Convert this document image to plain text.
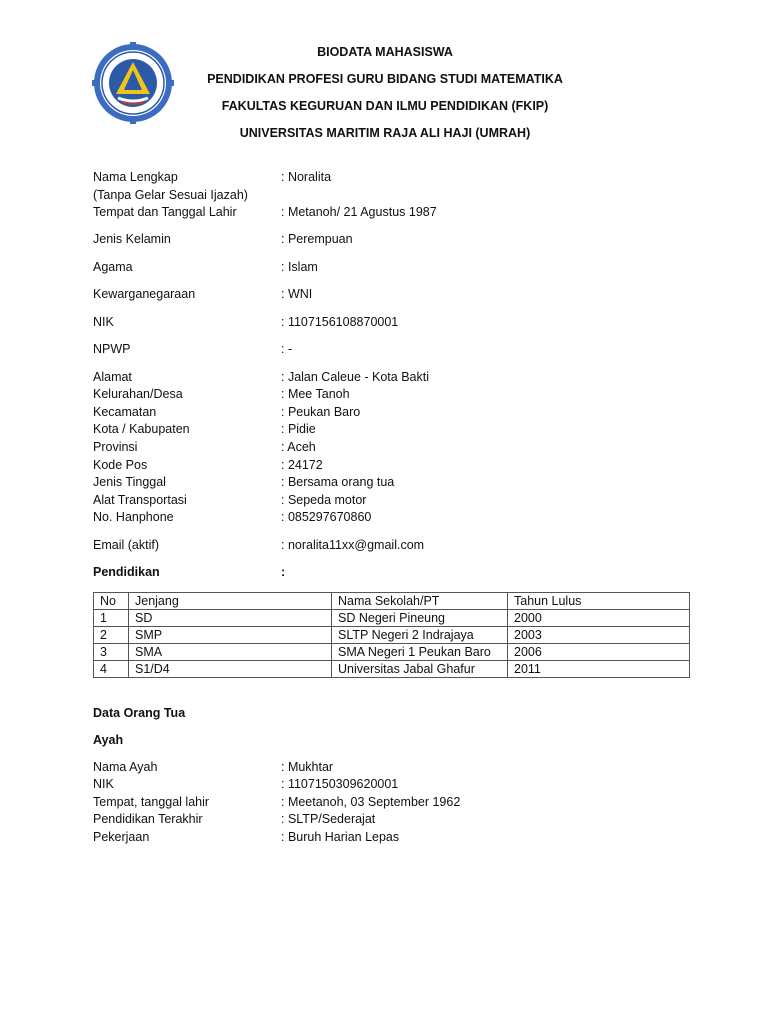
BIODATA MAHASISWA
PENDIDIKAN PROFESI GURU BIDANG STUDI MATEMATIKA
FAKULTAS KEGURUAN DAN ILMU PENDIDIKAN (FKIP)
UNIVERSITAS MARITIM RAJA ALI HAJI (UMRAH)
Nama Lengkap	: Noralita
(Tanpa Gelar Sesuai Ijazah)
Tempat dan Tanggal Lahir	: Metanoh/ 21 Agustus 1987
Jenis Kelamin	: Perempuan
Agama	: Islam
Kewarganegaraan	: WNI
NIK	: 1107156108870001
NPWP	: -
Alamat	: Jalan Caleue - Kota Bakti
Kelurahan/Desa	: Mee Tanoh
Kecamatan	: Peukan Baro
Kota / Kabupaten	: Pidie
Provinsi	: Aceh
Kode Pos	: 24172
Jenis Tinggal	: Bersama orang tua
Alat Transportasi	: Sepeda motor
No. Hanphone	: 085297670860
Email (aktif)	: noralita11xx@gmail.com
Pendidikan	:
No	Jenjang	Nama Sekolah/PT	Tahun Lulus
1	SD	SD Negeri Pineung	2000
2	SMP	SLTP Negeri 2 Indrajaya	2003
3	SMA	SMA Negeri 1 Peukan Baro	2006
4	S1/D4	Universitas Jabal Ghafur	2011
Data Orang Tua
Ayah
Nama Ayah	: Mukhtar
NIK	: 1107150309620001
Tempat, tanggal lahir	: Meetanoh, 03 September 1962
Pendidikan Terakhir	: SLTP/Sederajat
Pekerjaan	: Buruh Harian Lepas
